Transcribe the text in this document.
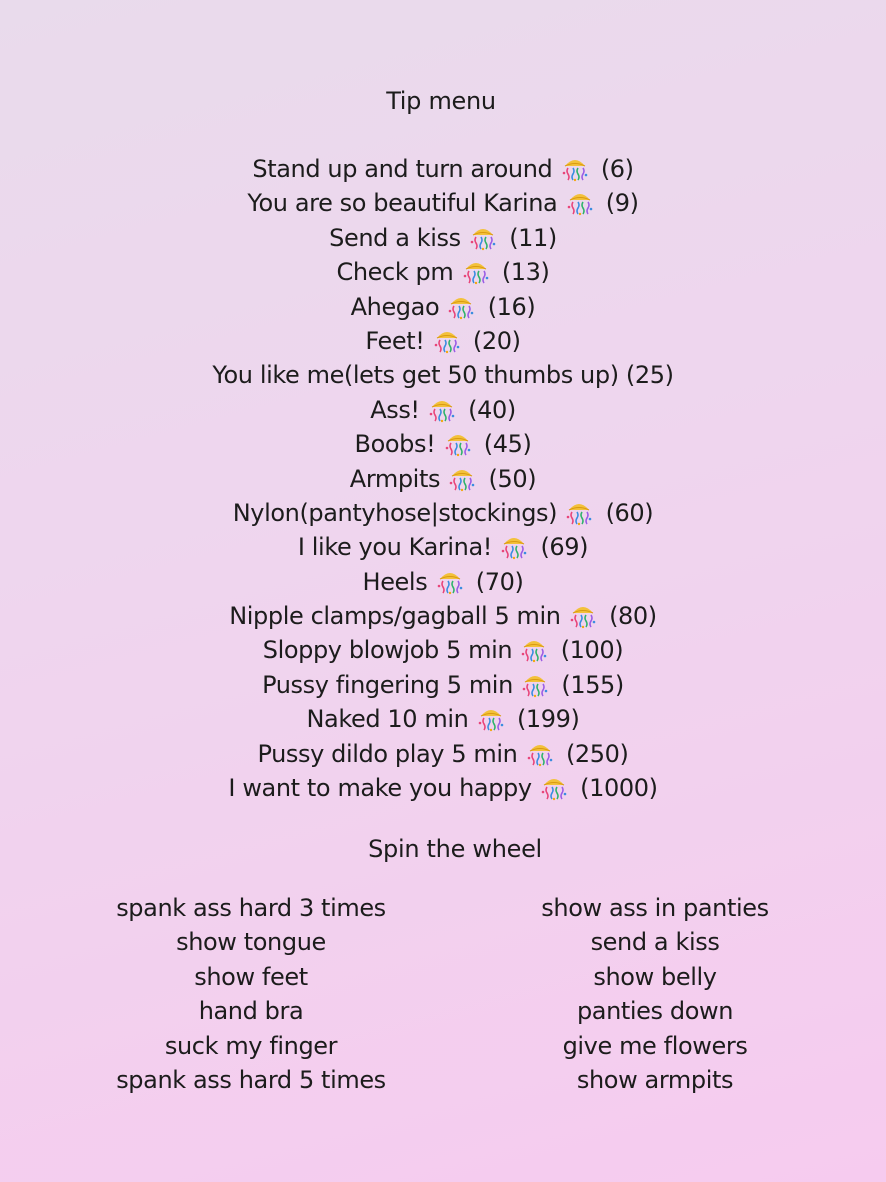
Tip menu
Stand up and turn around (6)
You are so beautiful Karina (9)
Send a kiss (11)
Check pm (13)
Ahegao (16)
Feet! (20)
You like me(lets get 50 thumbs up) (25)
Ass! (40)
Boobs! (45)
Armpits (50)
Nylon(pantyhose|stockings) (60)
I like you Karina! (69)
Heels (70)
Nipple clamps/gagball 5 min (80)
Sloppy blowjob 5 min (100)
Pussy fingering 5 min (155)
Naked 10 min (199)
Pussy dildo play 5 min (250)
I want to make you happy (1000)
Spin the wheel
spank ass hard 3 times
show tongue
show feet
hand bra
suck my finger
spank ass hard 5 times
show ass in panties
send a kiss
show belly
panties down
give me flowers
show armpits
